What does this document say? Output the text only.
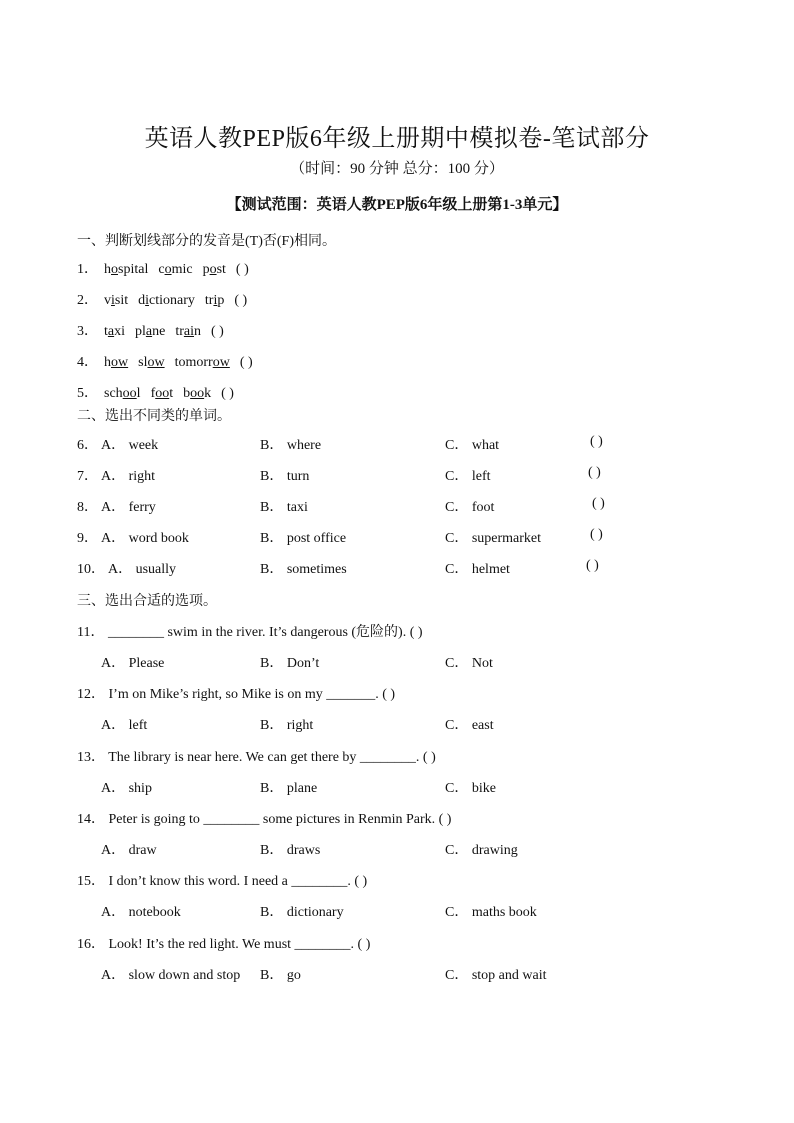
英语人教PEP版6年级上册期中模拟卷-笔试部分
（时间：90 分钟 总分：100 分）
【测试范围：英语人教PEP版6年级上册第1-3单元】
一、判断划线部分的发音是(T)否(F)相同。
1． hospital comic post ( )
2． visit dictionary trip ( )
3． taxi plane train ( )
4． how slow tomorrow ( )
5． school foot book ( )
二、选出不同类的单词。
6． A． week	B． where	C． what	( )
7． A． right	B． turn	C． left	( )
8． A． ferry	B． taxi	C． foot	( )
9． A． word book	B． post office	C． supermarket	( )
10． A． usually	B． sometimes	C． helmet	( )
三、选出合适的选项。
11． ________ swim in the river. It’s dangerous (危险的). ( )
A． Please	B． Don’t	C． Not
12． I’m on Mike’s right, so Mike is on my _______. ( )
A． left	B． right	C． east
13． The library is near here. We can get there by ________. ( )
A． ship	B． plane	C． bike
14． Peter is going to ________ some pictures in Renmin Park. ( )
A． draw	B． draws	C． drawing
15． I don’t know this word. I need a ________. ( )
A． notebook	B． dictionary	C． maths book
16． Look! It’s the red light. We must ________. ( )
A． slow down and stop B． go	C． stop and wait
